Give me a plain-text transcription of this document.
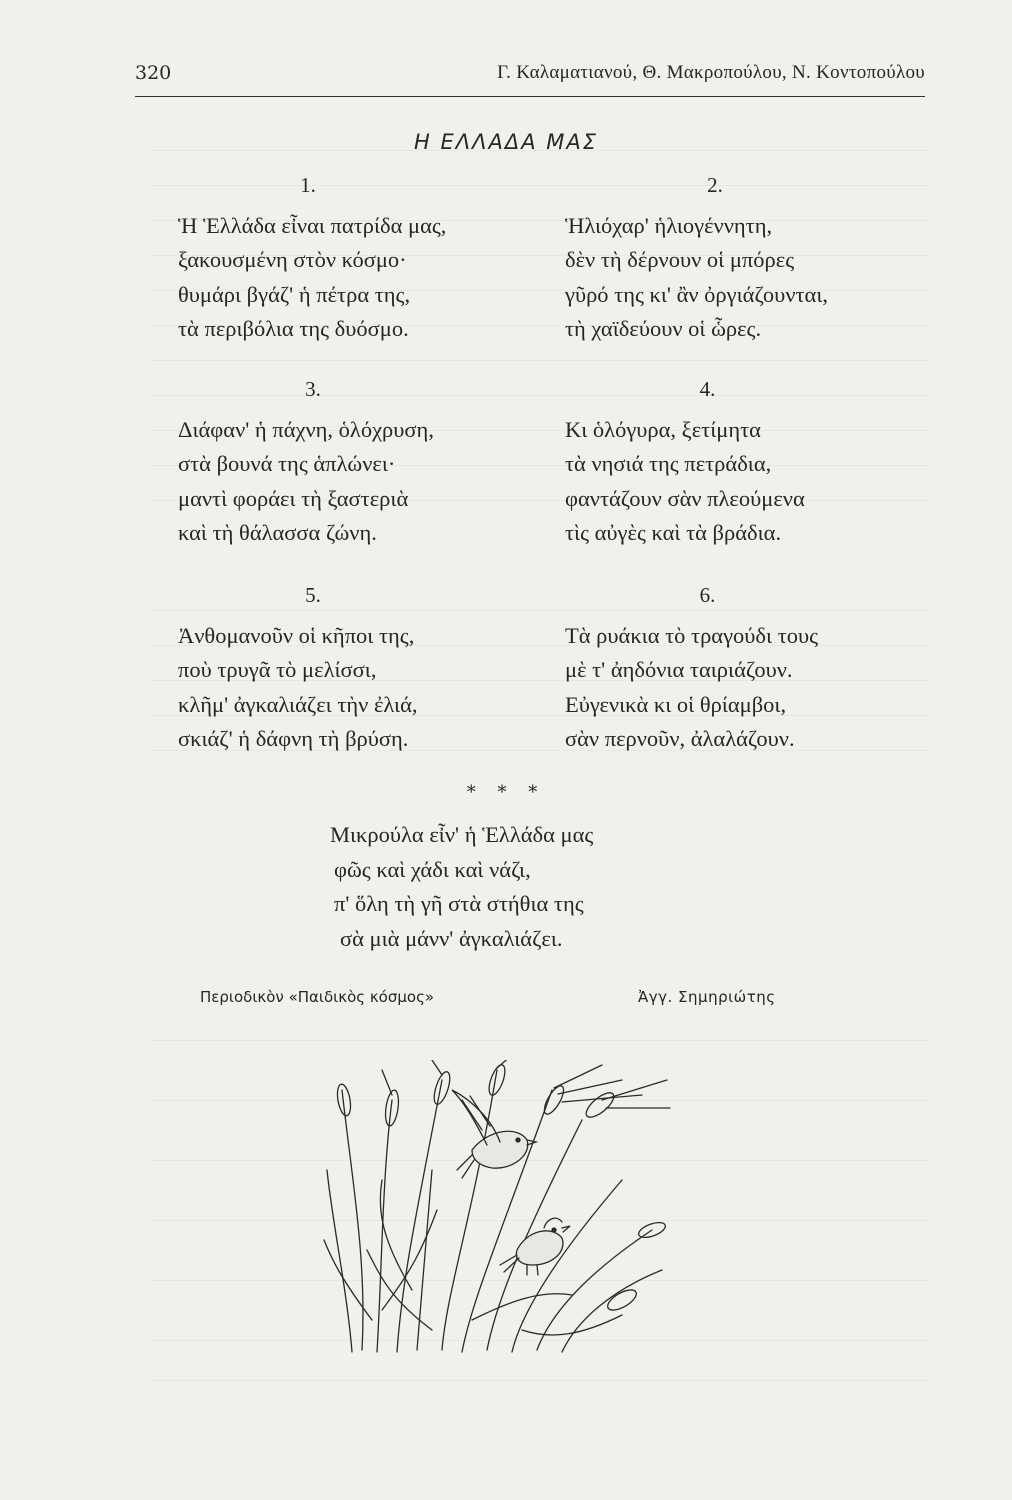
320	Γ. Καλαματιανού, Θ. Μακροπούλου, Ν. Κοντοπούλου
Η ΕΛΛΑΔΑ ΜΑΣ
1.
Ἡ Ἑλλάδα εἶναι πατρίδα μας,
ξακουσμένη στὸν κόσμο·
θυμάρι βγάζ' ἡ πέτρα της,
τὰ περιβόλια της δυόσμο.
2.
Ἡλιόχαρ' ἡλιογέννητη,
δὲν τὴ δέρνουν οἱ μπόρες
γῦρό της κι' ἂν ὀργιάζουνται,
τὴ χαϊδεύουν οἱ ὧρες.
3.
Διάφαν' ἡ πάχνη, ὁλόχρυση,
στὰ βουνά της ἁπλώνει·
μαντὶ φοράει τὴ ξαστεριὰ
καὶ τὴ θάλασσα ζώνη.
4.
Κι ὁλόγυρα, ξετίμητα
τὰ νησιά της πετράδια,
φαντάζουν σὰν πλεούμενα
τὶς αὐγὲς καὶ τὰ βράδια.
5.
Ἀνθομανοῦν οἱ κῆποι της,
ποὺ τρυγᾶ τὸ μελίσσι,
κλῆμ' ἀγκαλιάζει τὴν ἐλιά,
σκιάζ' ἡ δάφνη τὴ βρύση.
6.
Τὰ ρυάκια τὸ τραγούδι τους
μὲ τ' ἀηδόνια ταιριάζουν.
Εὐγενικὰ κι οἱ θρίαμβοι,
σὰν περνοῦν, ἀλαλάζουν.
* * *
Μικρούλα εἶν' ἡ Ἑλλάδα μας
φῶς καὶ χάδι καὶ νάζι,
π' ὅλη τὴ γῆ στὰ στήθια της
σὰ μιὰ μάνν' ἀγκαλιάζει.
Περιοδικὸν «Παιδικὸς κόσμος»	Ἀγγ. Σημηριώτης
